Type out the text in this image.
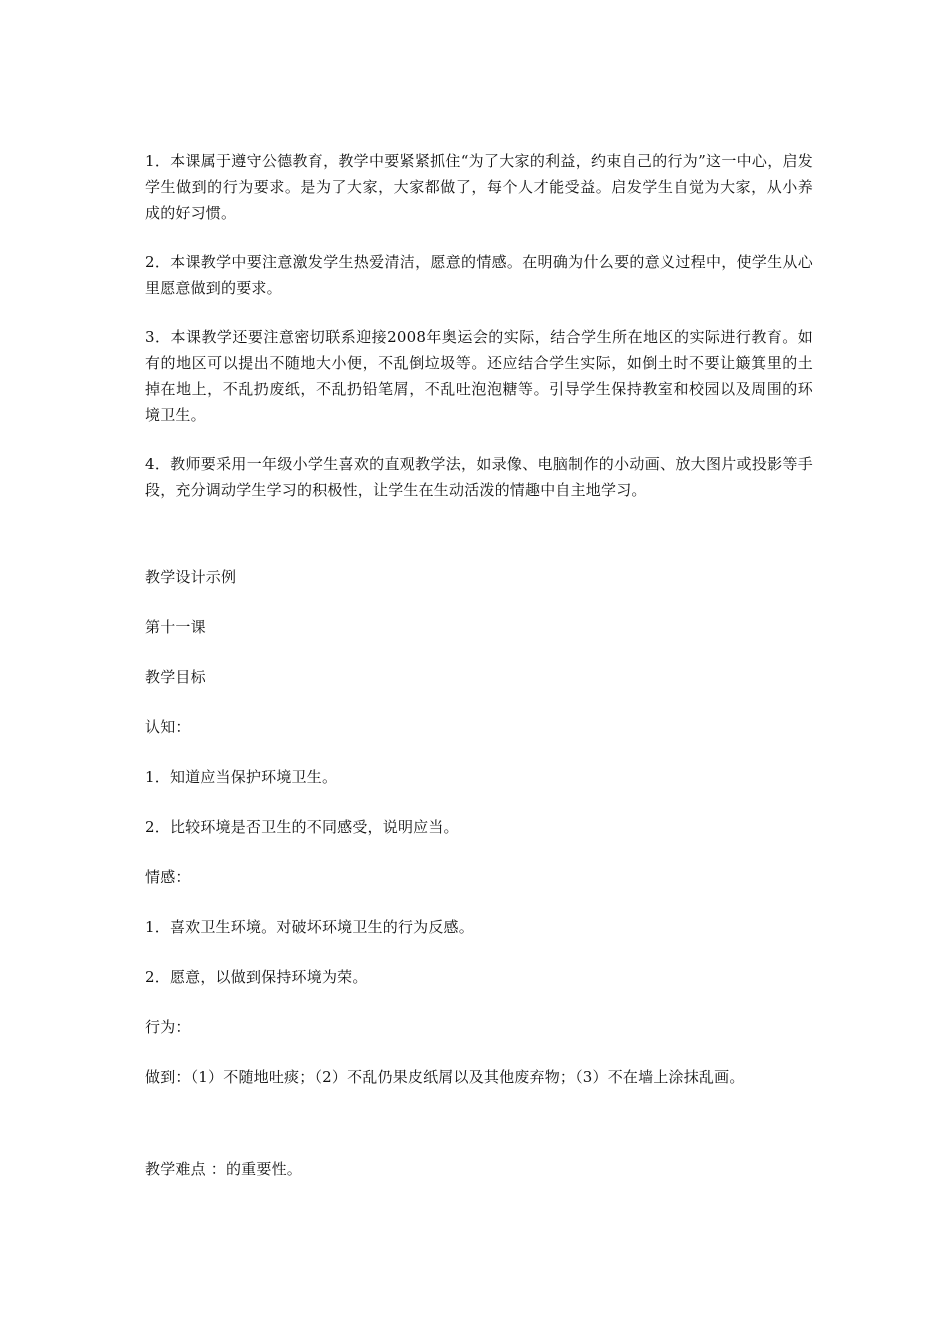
1．本课属于遵守公德教育，教学中要紧紧抓住“为了大家的利益，约束自己的行为”这一中心，启发学生做到的行为要求。是为了大家，大家都做了，每个人才能受益。启发学生自觉为大家，从小养成的好习惯。

2．本课教学中要注意激发学生热爱清洁，愿意的情感。在明确为什么要的意义过程中，使学生从心里愿意做到的要求。

3．本课教学还要注意密切联系迎接2008年奥运会的实际，结合学生所在地区的实际进行教育。如有的地区可以提出不随地大小便，不乱倒垃圾等。还应结合学生实际，如倒土时不要让簸箕里的土掉在地上，不乱扔废纸，不乱扔铅笔屑，不乱吐泡泡糖等。引导学生保持教室和校园以及周围的环境卫生。

4．教师要采用一年级小学生喜欢的直观教学法，如录像、电脑制作的小动画、放大图片或投影等手段，充分调动学生学习的积极性，让学生在生动活泼的情趣中自主地学习。

教学设计示例

第十一课

教学目标

认知：

1．知道应当保护环境卫生。

2．比较环境是否卫生的不同感受，说明应当。

情感：

1．喜欢卫生环境。对破坏环境卫生的行为反感。

2．愿意，以做到保持环境为荣。

行为：

做到：（1）不随地吐痰；（2）不乱仍果皮纸屑以及其他废弃物；（3）不在墙上涂抹乱画。

教学难点 ：的重要性。
